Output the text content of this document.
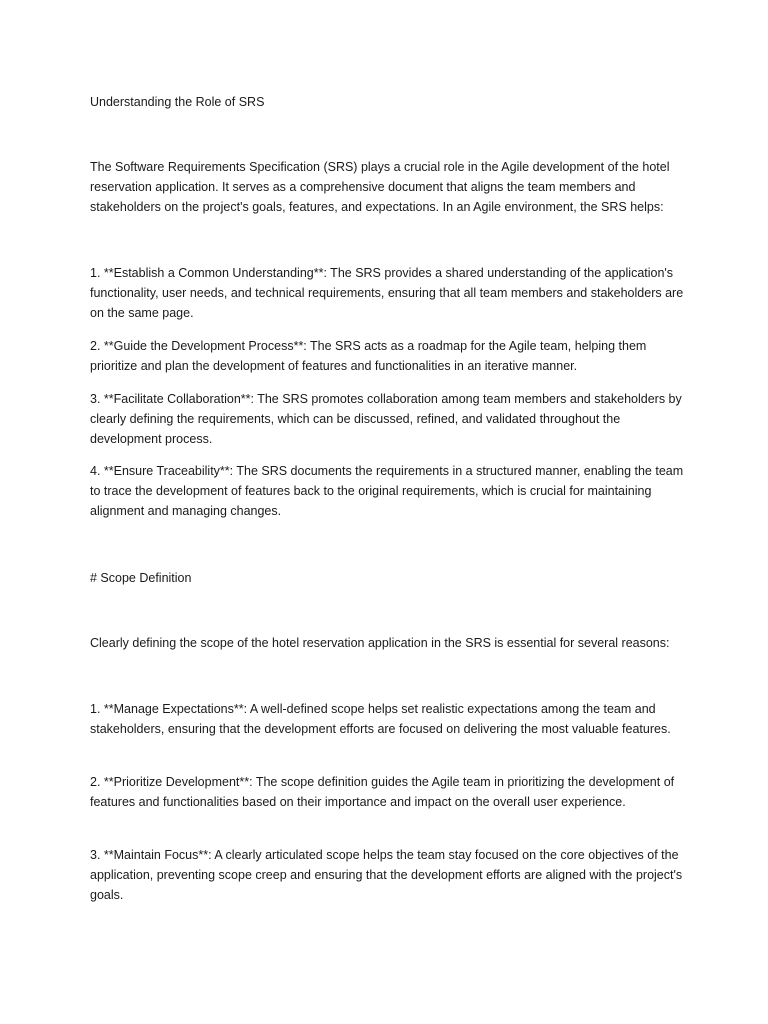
Understanding the Role of SRS

The Software Requirements Specification (SRS) plays a crucial role in the Agile development of the hotel reservation application. It serves as a comprehensive document that aligns the team members and stakeholders on the project's goals, features, and expectations. In an Agile environment, the SRS helps:

1. **Establish a Common Understanding**: The SRS provides a shared understanding of the application's functionality, user needs, and technical requirements, ensuring that all team members and stakeholders are on the same page.

2. **Guide the Development Process**: The SRS acts as a roadmap for the Agile team, helping them prioritize and plan the development of features and functionalities in an iterative manner.

3. **Facilitate Collaboration**: The SRS promotes collaboration among team members and stakeholders by clearly defining the requirements, which can be discussed, refined, and validated throughout the development process.

4. **Ensure Traceability**: The SRS documents the requirements in a structured manner, enabling the team to trace the development of features back to the original requirements, which is crucial for maintaining alignment and managing changes.

# Scope Definition

Clearly defining the scope of the hotel reservation application in the SRS is essential for several reasons:

1. **Manage Expectations**: A well-defined scope helps set realistic expectations among the team and stakeholders, ensuring that the development efforts are focused on delivering the most valuable features.

2. **Prioritize Development**: The scope definition guides the Agile team in prioritizing the development of features and functionalities based on their importance and impact on the overall user experience.

3. **Maintain Focus**: A clearly articulated scope helps the team stay focused on the core objectives of the application, preventing scope creep and ensuring that the development efforts are aligned with the project's goals.
